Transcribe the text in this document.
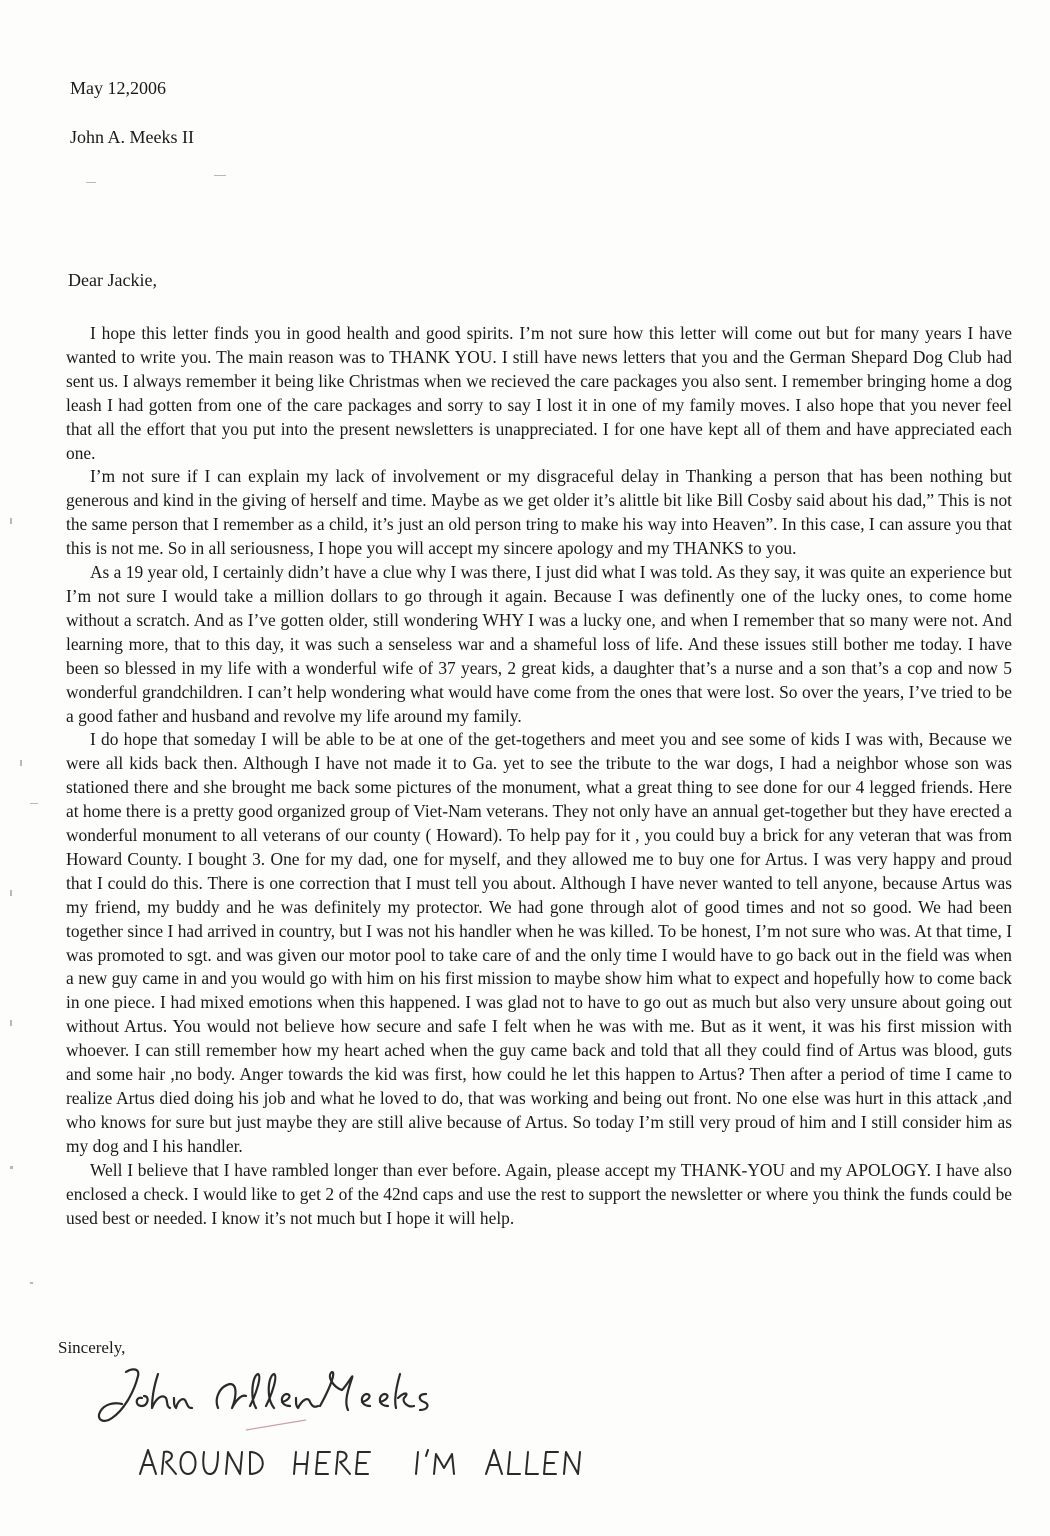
May 12,2006
John A. Meeks II
Dear Jackie,

I hope this letter finds you in good health and good spirits. I’m not sure how this letter will come out but for many years I have wanted to write you. The main reason was to THANK YOU. I still have news letters that you and the German Shepard Dog Club had sent us. I always remember it being like Christmas when we recieved the care packages you also sent. I remember bringing home a dog leash I had gotten from one of the care packages and sorry to say I lost it in one of my family moves. I also hope that you never feel that all the effort that you put into the present newsletters is unappreciated. I for one have kept all of them and have appreciated each one.

I’m not sure if I can explain my lack of involvement or my disgraceful delay in Thanking a person that has been nothing but generous and kind in the giving of herself and time. Maybe as we get older it’s alittle bit like Bill Cosby said about his dad,” This is not the same person that I remember as a child, it’s just an old person tring to make his way into Heaven”. In this case, I can assure you that this is not me. So in all seriousness, I hope you will accept my sincere apology and my THANKS to you.

As a 19 year old, I certainly didn’t have a clue why I was there, I just did what I was told. As they say, it was quite an experience but I’m not sure I would take a million dollars to go through it again. Because I was definently one of the lucky ones, to come home without a scratch. And as I’ve gotten older, still wondering WHY I was a lucky one, and when I remember that so many were not. And learning more, that to this day, it was such a senseless war and a shameful loss of life. And these issues still bother me today. I have been so blessed in my life with a wonderful wife of 37 years, 2 great kids, a daughter that’s a nurse and a son that’s a cop and now 5 wonderful grandchildren. I can’t help wondering what would have come from the ones that were lost. So over the years, I’ve tried to be a good father and husband and revolve my life around my family.

I do hope that someday I will be able to be at one of the get-togethers and meet you and see some of kids I was with, Because we were all kids back then. Although I have not made it to Ga. yet to see the tribute to the war dogs, I had a neighbor whose son was stationed there and she brought me back some pictures of the monument, what a great thing to see done for our 4 legged friends. Here at home there is a pretty good organized group of Viet-Nam veterans. They not only have an annual get-together but they have erected a wonderful monument to all veterans of our county ( Howard). To help pay for it , you could buy a brick for any veteran that was from Howard County. I bought 3. One for my dad, one for myself, and they allowed me to buy one for Artus. I was very happy and proud that I could do this. There is one correction that I must tell you about. Although I have never wanted to tell anyone, because Artus was my friend, my buddy and he was definitely my protector. We had gone through alot of good times and not so good. We had been together since I had arrived in country, but I was not his handler when he was killed. To be honest, I’m not sure who was. At that time, I was promoted to sgt. and was given our motor pool to take care of and the only time I would have to go back out in the field was when a new guy came in and you would go with him on his first mission to maybe show him what to expect and hopefully how to come back in one piece. I had mixed emotions when this happened. I was glad not to have to go out as much but also very unsure about going out without Artus. You would not believe how secure and safe I felt when he was with me. But as it went, it was his first mission with whoever. I can still remember how my heart ached when the guy came back and told that all they could find of Artus was blood, guts and some hair ,no body. Anger towards the kid was first, how could he let this happen to Artus? Then after a period of time I came to realize Artus died doing his job and what he loved to do, that was working and being out front. No one else was hurt in this attack ,and who knows for sure but just maybe they are still alive because of Artus. So today I’m still very proud of him and I still consider him as my dog and I his handler.

Well I believe that I have rambled longer than ever before. Again, please accept my THANK-YOU and my APOLOGY. I have also enclosed a check. I would like to get 2 of the 42nd caps and use the rest to support the newsletter or where you think the funds could be used best or needed. I know it’s not much but I hope it will help.

Sincerely,
